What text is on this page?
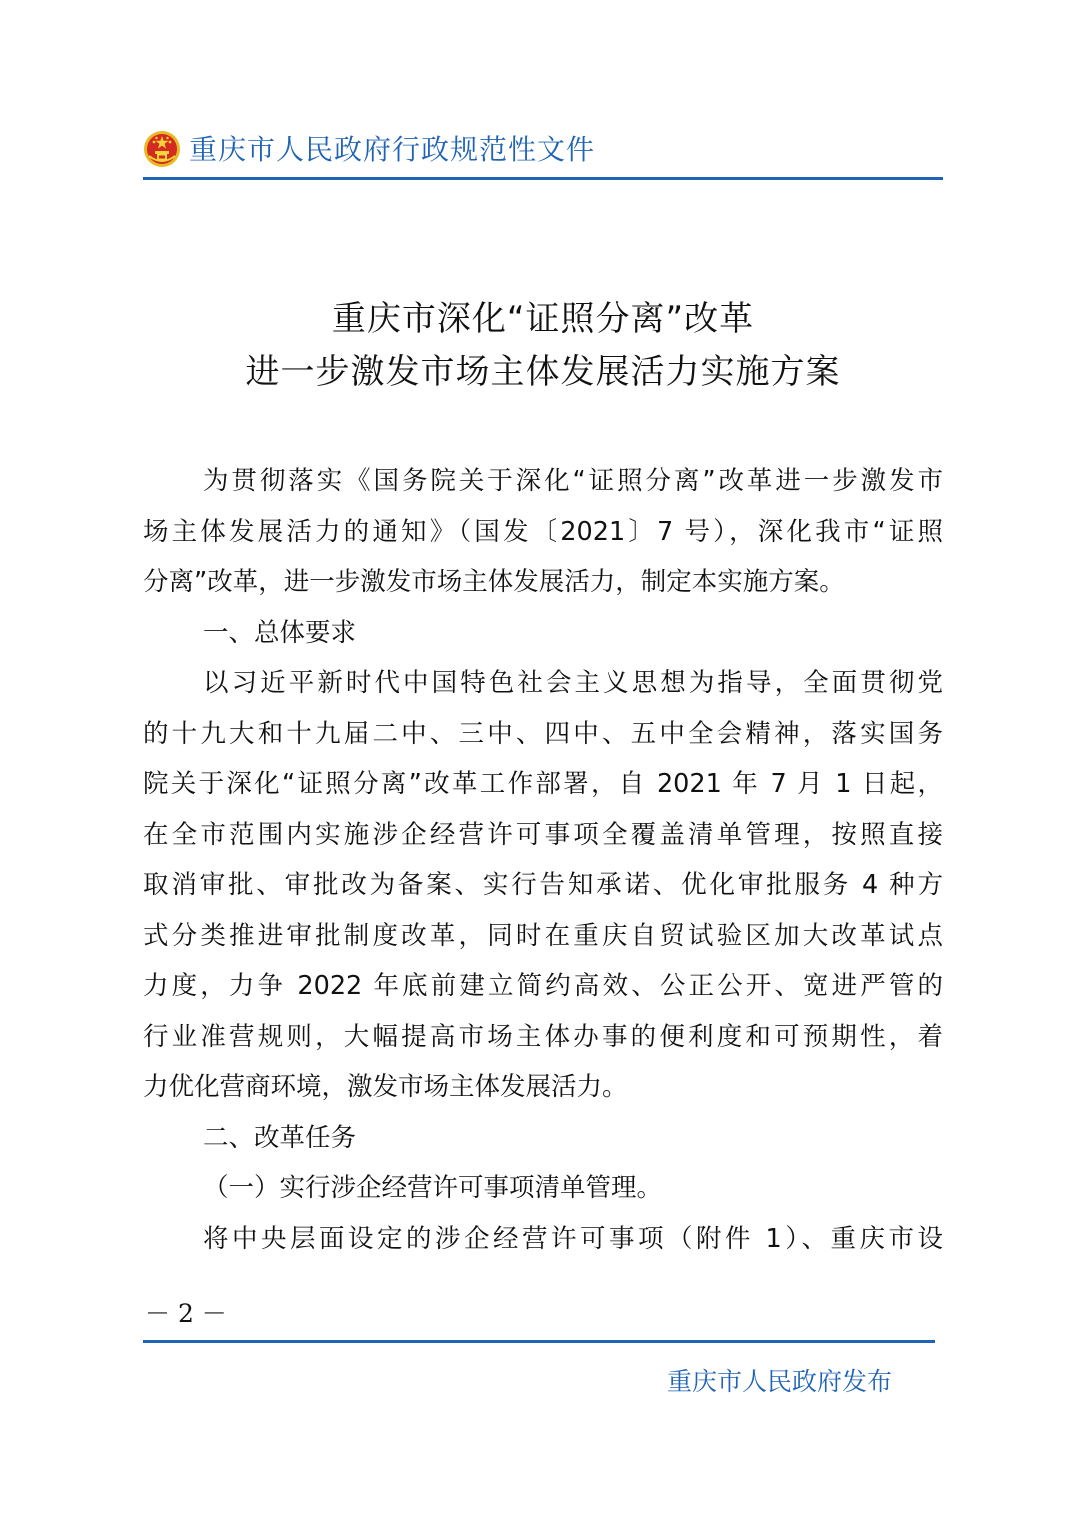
重庆市人民政府行政规范性文件
重庆市深化“证照分离”改革
进一步激发市场主体发展活力实施方案
为贯彻落实《国务院关于深化“证照分离”改革进一步激发市
场主体发展活力的通知》（国发〔2021〕7 号），深化我市“证照
分离”改革，进一步激发市场主体发展活力，制定本实施方案。
一、总体要求
以习近平新时代中国特色社会主义思想为指导，全面贯彻党
的十九大和十九届二中、三中、四中、五中全会精神，落实国务
院关于深化“证照分离”改革工作部署，自 2021 年 7 月 1 日起，
在全市范围内实施涉企经营许可事项全覆盖清单管理，按照直接
取消审批、审批改为备案、实行告知承诺、优化审批服务 4 种方
式分类推进审批制度改革，同时在重庆自贸试验区加大改革试点
力度，力争 2022 年底前建立简约高效、公正公开、宽进严管的
行业准营规则，大幅提高市场主体办事的便利度和可预期性，着
力优化营商环境，激发市场主体发展活力。
二、改革任务
（一）实行涉企经营许可事项清单管理。
将中央层面设定的涉企经营许可事项（附件 1）、重庆市设
－ 2 －
重庆市人民政府发布
